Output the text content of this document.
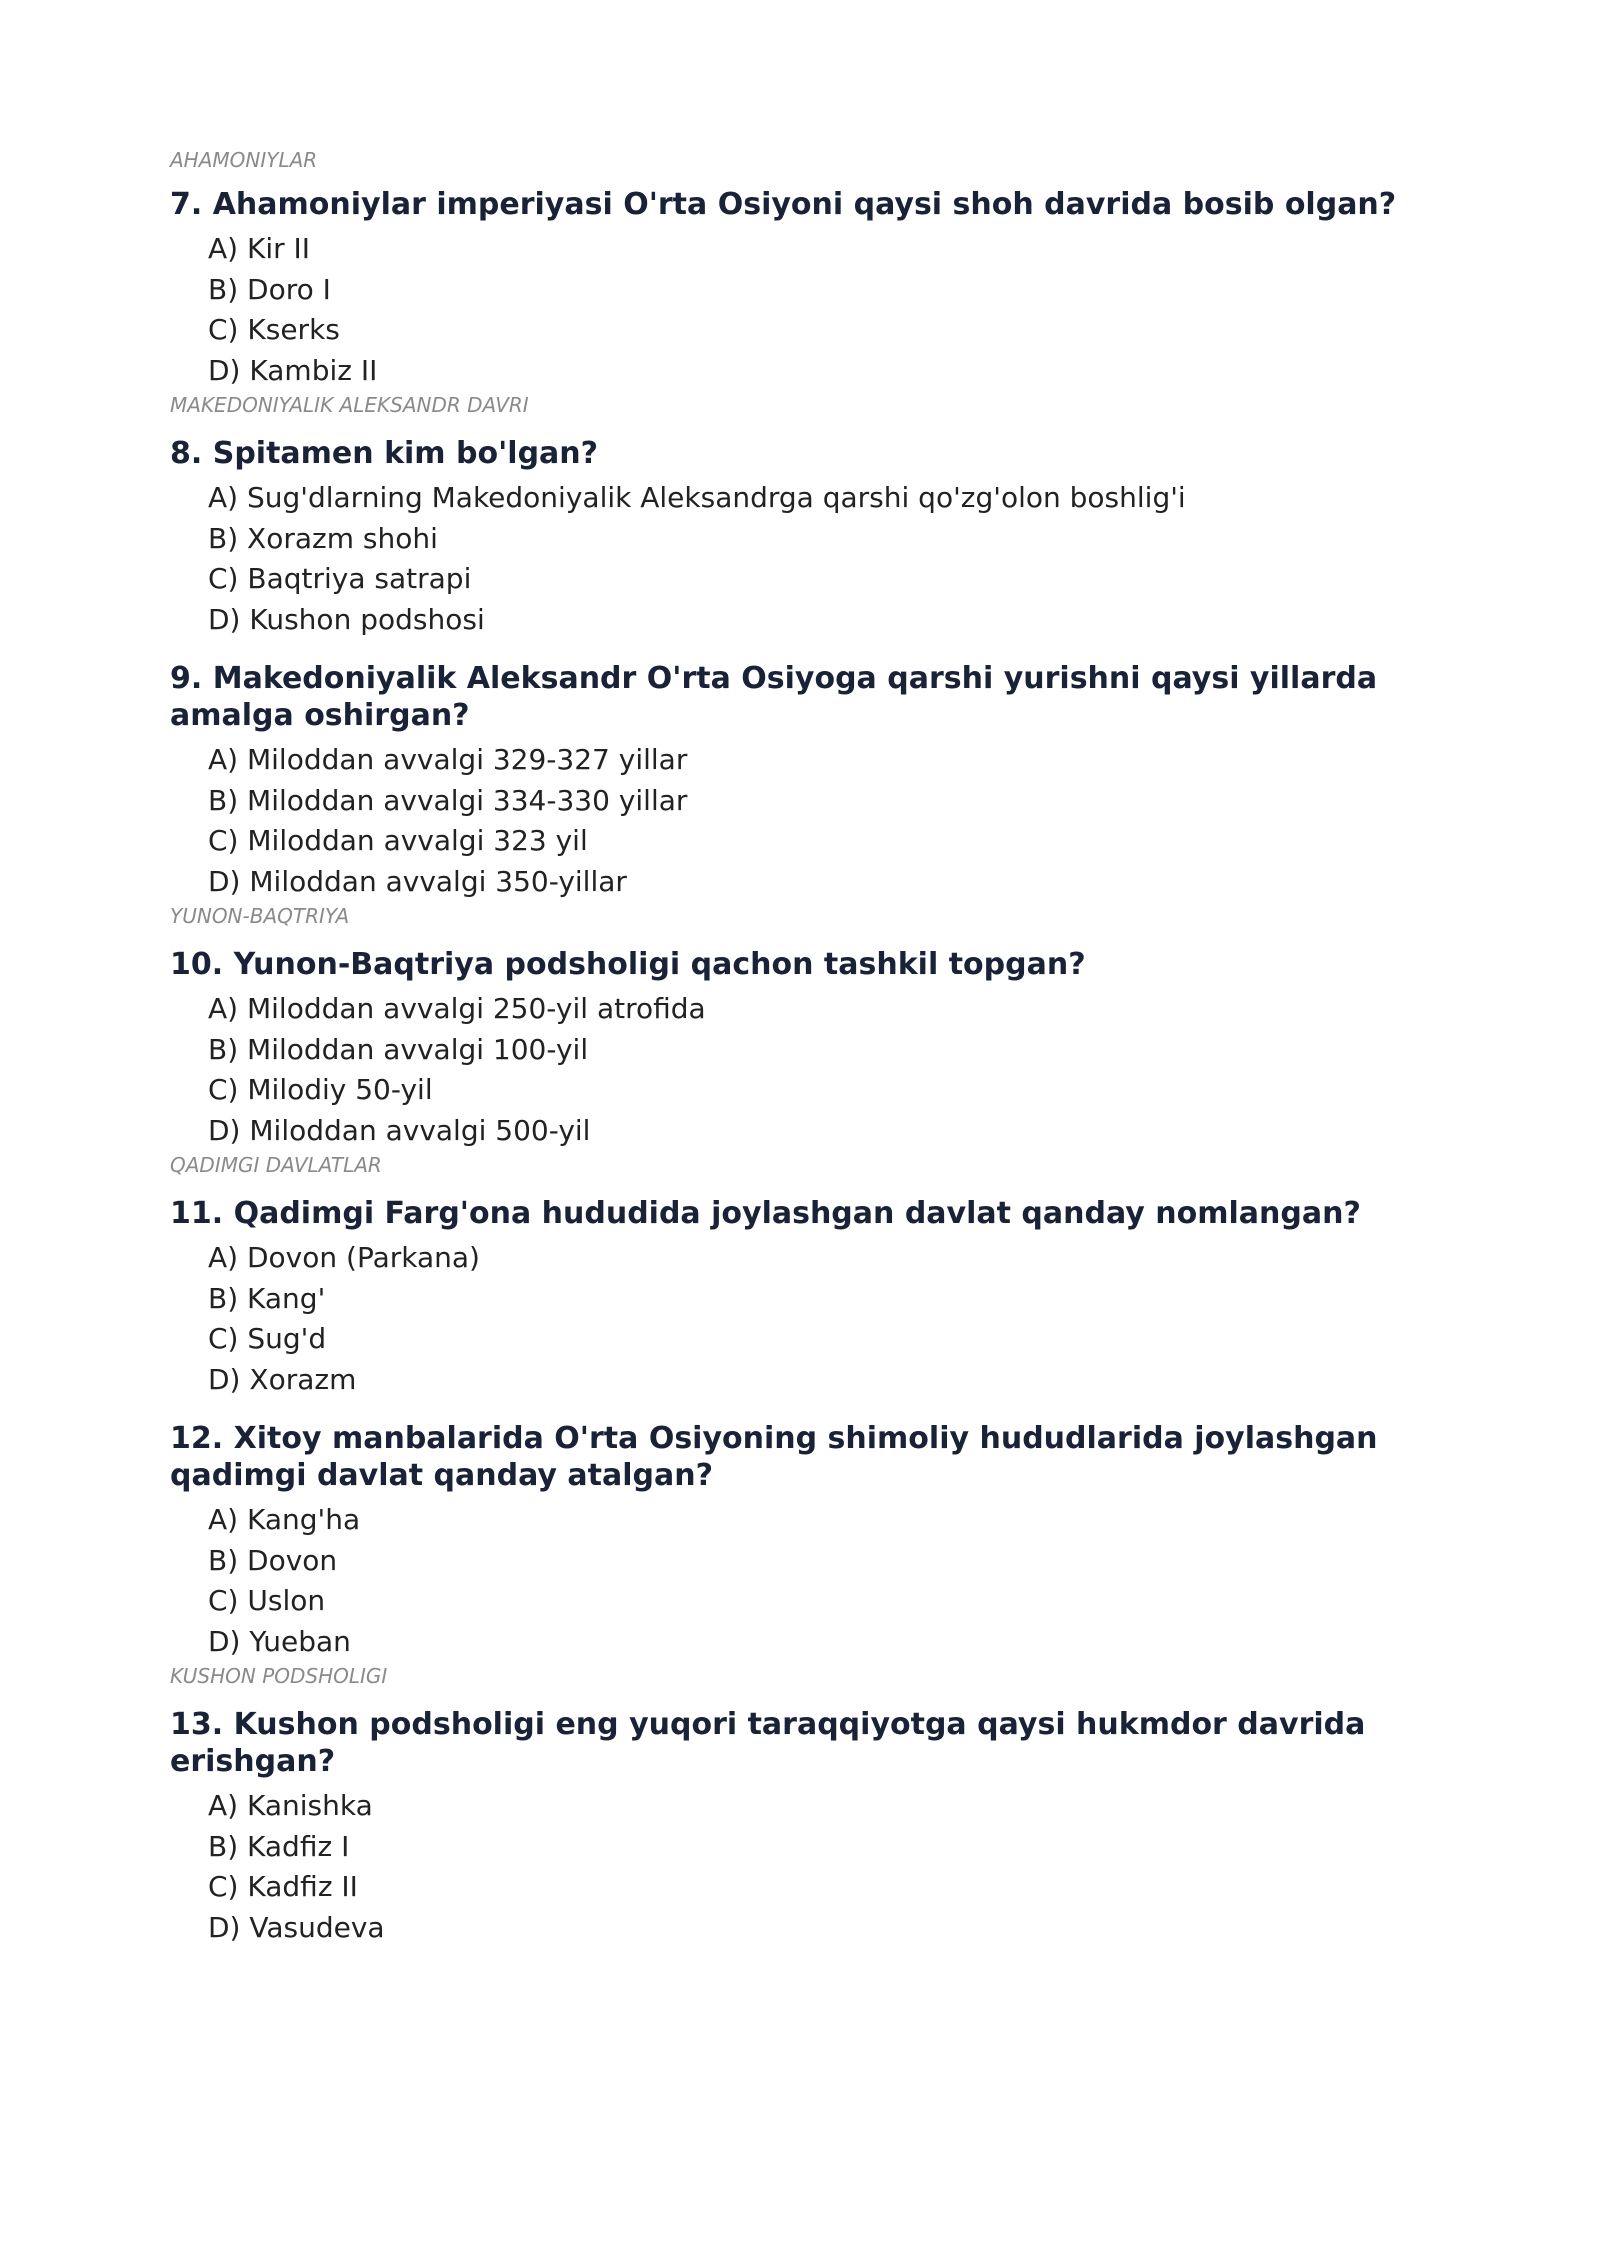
AHAMONIYLAR

7. Ahamoniylar imperiyasi O'rta Osiyoni qaysi shoh davrida bosib olgan?

A) Kir II
B) Doro I
C) Kserks
D) Kambiz II

MAKEDONIYALIK ALEKSANDR DAVRI

8. Spitamen kim bo'lgan?

A) Sug'dlarning Makedoniyalik Aleksandrga qarshi qo'zg'olon boshlig'i
B) Xorazm shohi
C) Baqtriya satrapi
D) Kushon podshosi

9. Makedoniyalik Aleksandr O'rta Osiyoga qarshi yurishni qaysi yillarda amalga oshirgan?

A) Miloddan avvalgi 329-327 yillar
B) Miloddan avvalgi 334-330 yillar
C) Miloddan avvalgi 323 yil
D) Miloddan avvalgi 350-yillar

YUNON-BAQTRIYA

10. Yunon-Baqtriya podsholigi qachon tashkil topgan?

A) Miloddan avvalgi 250-yil atrofida
B) Miloddan avvalgi 100-yil
C) Milodiy 50-yil
D) Miloddan avvalgi 500-yil

QADIMGI DAVLATLAR

11. Qadimgi Farg'ona hududida joylashgan davlat qanday nomlangan?

A) Dovon (Parkana)
B) Kang'
C) Sug'd
D) Xorazm

12. Xitoy manbalarida O'rta Osiyoning shimoliy hududlarida joylashgan qadimgi davlat qanday atalgan?

A) Kang'ha
B) Dovon
C) Uslon
D) Yueban

KUSHON PODSHOLIGI

13. Kushon podsholigi eng yuqori taraqqiyotga qaysi hukmdor davrida erishgan?

A) Kanishka
B) Kadfiz I
C) Kadfiz II
D) Vasudeva
